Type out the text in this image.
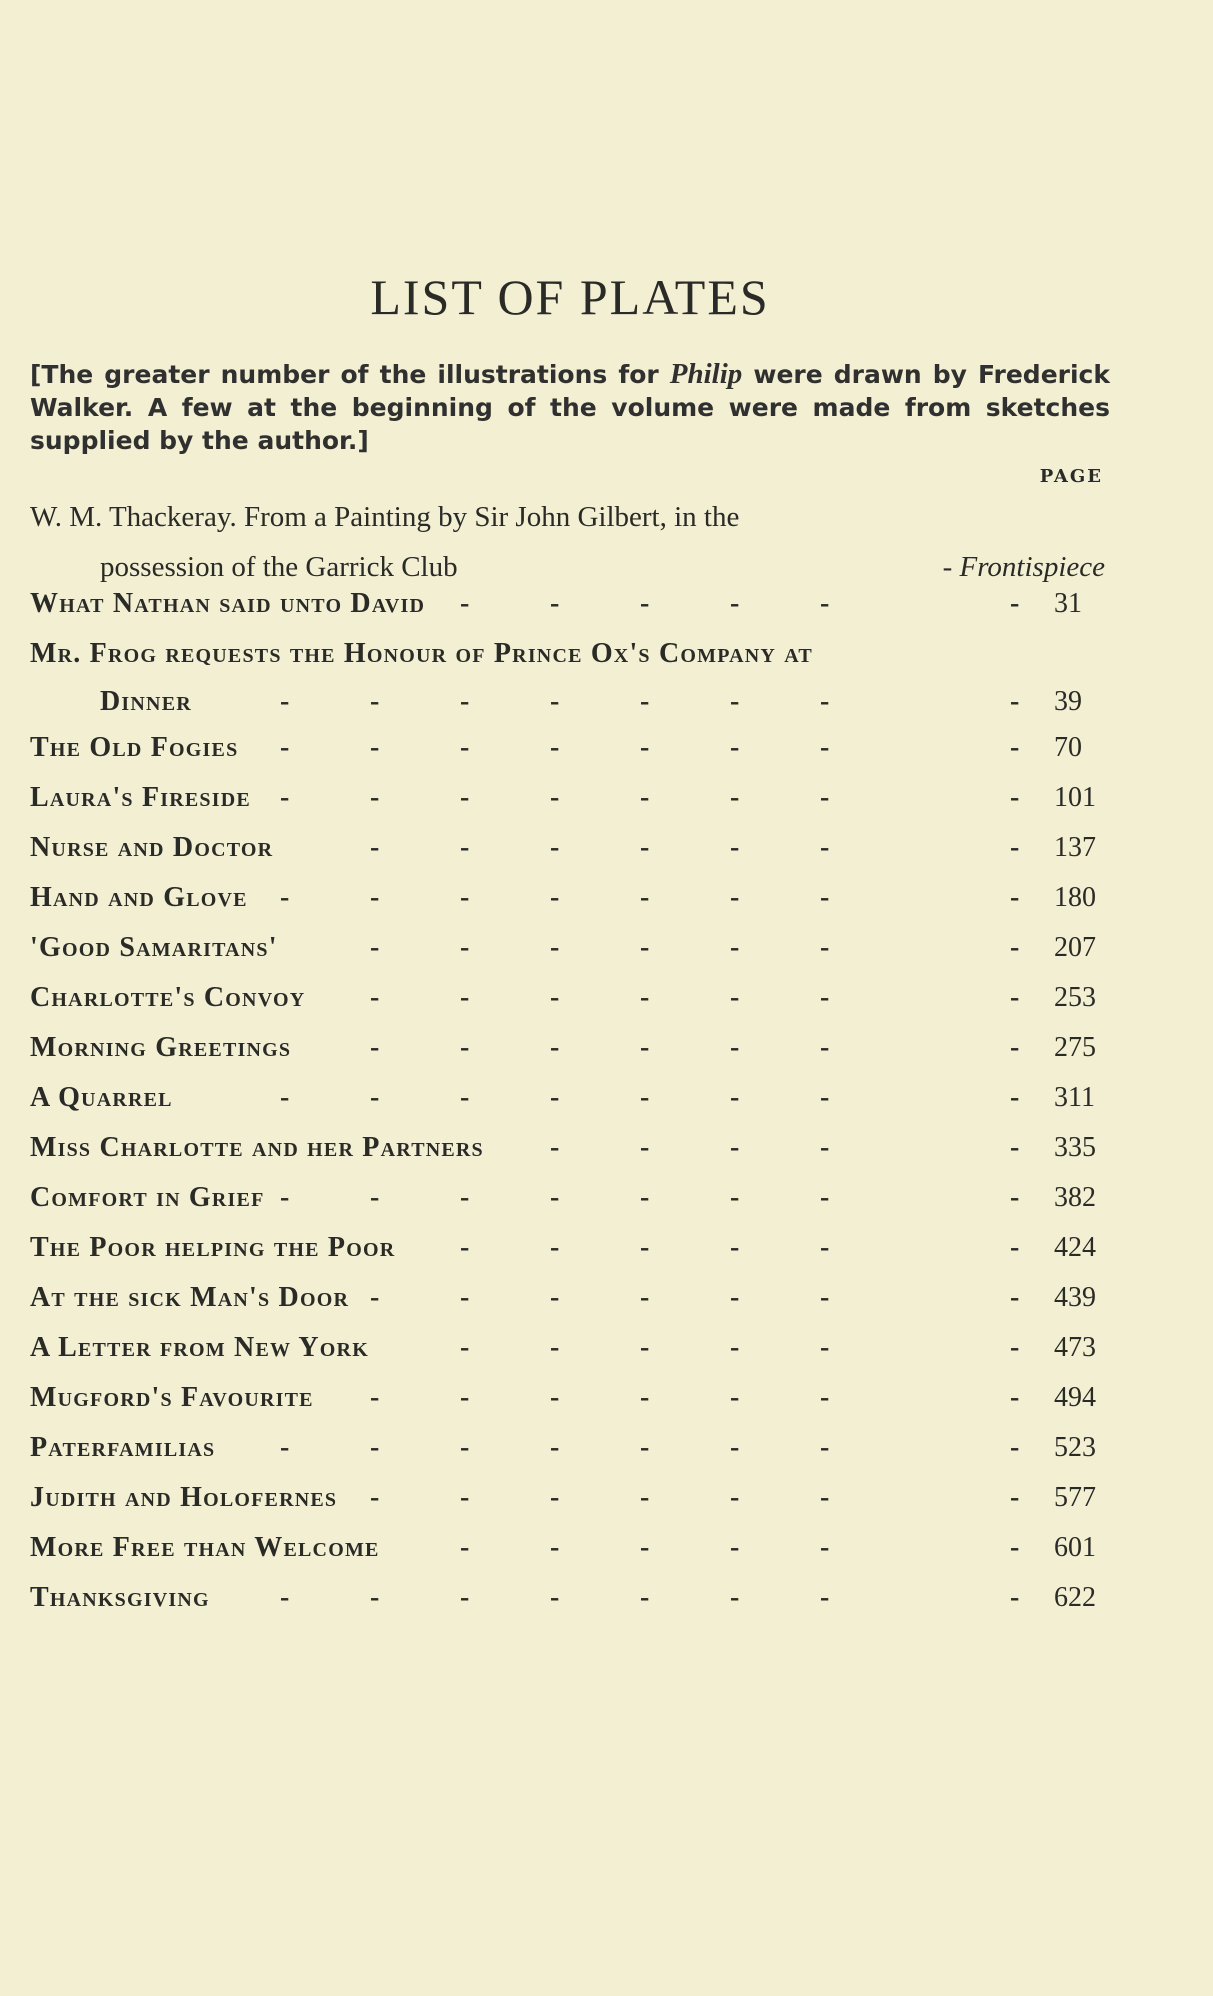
LIST OF PLATES

[The greater number of the illustrations for Philip were drawn by Frederick Walker. A few at the beginning of the volume were made from sketches supplied by the author.]

PAGE
W. M. Thackeray. From a Painting by Sir John Gilbert, in the
possession of the Garrick Club	- Frontispiece
What Nathan said unto David	31
-	-	-	-	-	-
Mr. Frog requests the Honour of Prince Ox's Company at
Dinner	39
-	-	-	-	-	-	-	-
The Old Fogies	70
-	-	-	-	-	-	-	-
Laura's Fireside	101
-	-	-	-	-	-	-	-
Nurse and Doctor	137
-	-	-	-	-	-	-
Hand and Glove	180
-	-	-	-	-	-	-	-
'Good Samaritans'	207
-	-	-	-	-	-	-
Charlotte's Convoy	253
-	-	-	-	-	-	-
Morning Greetings	275
-	-	-	-	-	-	-
A Quarrel	311
-	-	-	-	-	-	-	-
Miss Charlotte and her Partners	335
-	-	-	-	-
Comfort in Grief	382
-	-	-	-	-	-	-	-
The Poor helping the Poor	424
-	-	-	-	-	-
At the sick Man's Door	439
-	-	-	-	-	-	-
A Letter from New York	473
-	-	-	-	-	-
Mugford's Favourite	494
-	-	-	-	-	-	-
Paterfamilias	523
-	-	-	-	-	-	-	-
Judith and Holofernes	577
-	-	-	-	-	-	-
More Free than Welcome	601
-	-	-	-	-	-
Thanksgiving	622
-	-	-	-	-	-	-	-
